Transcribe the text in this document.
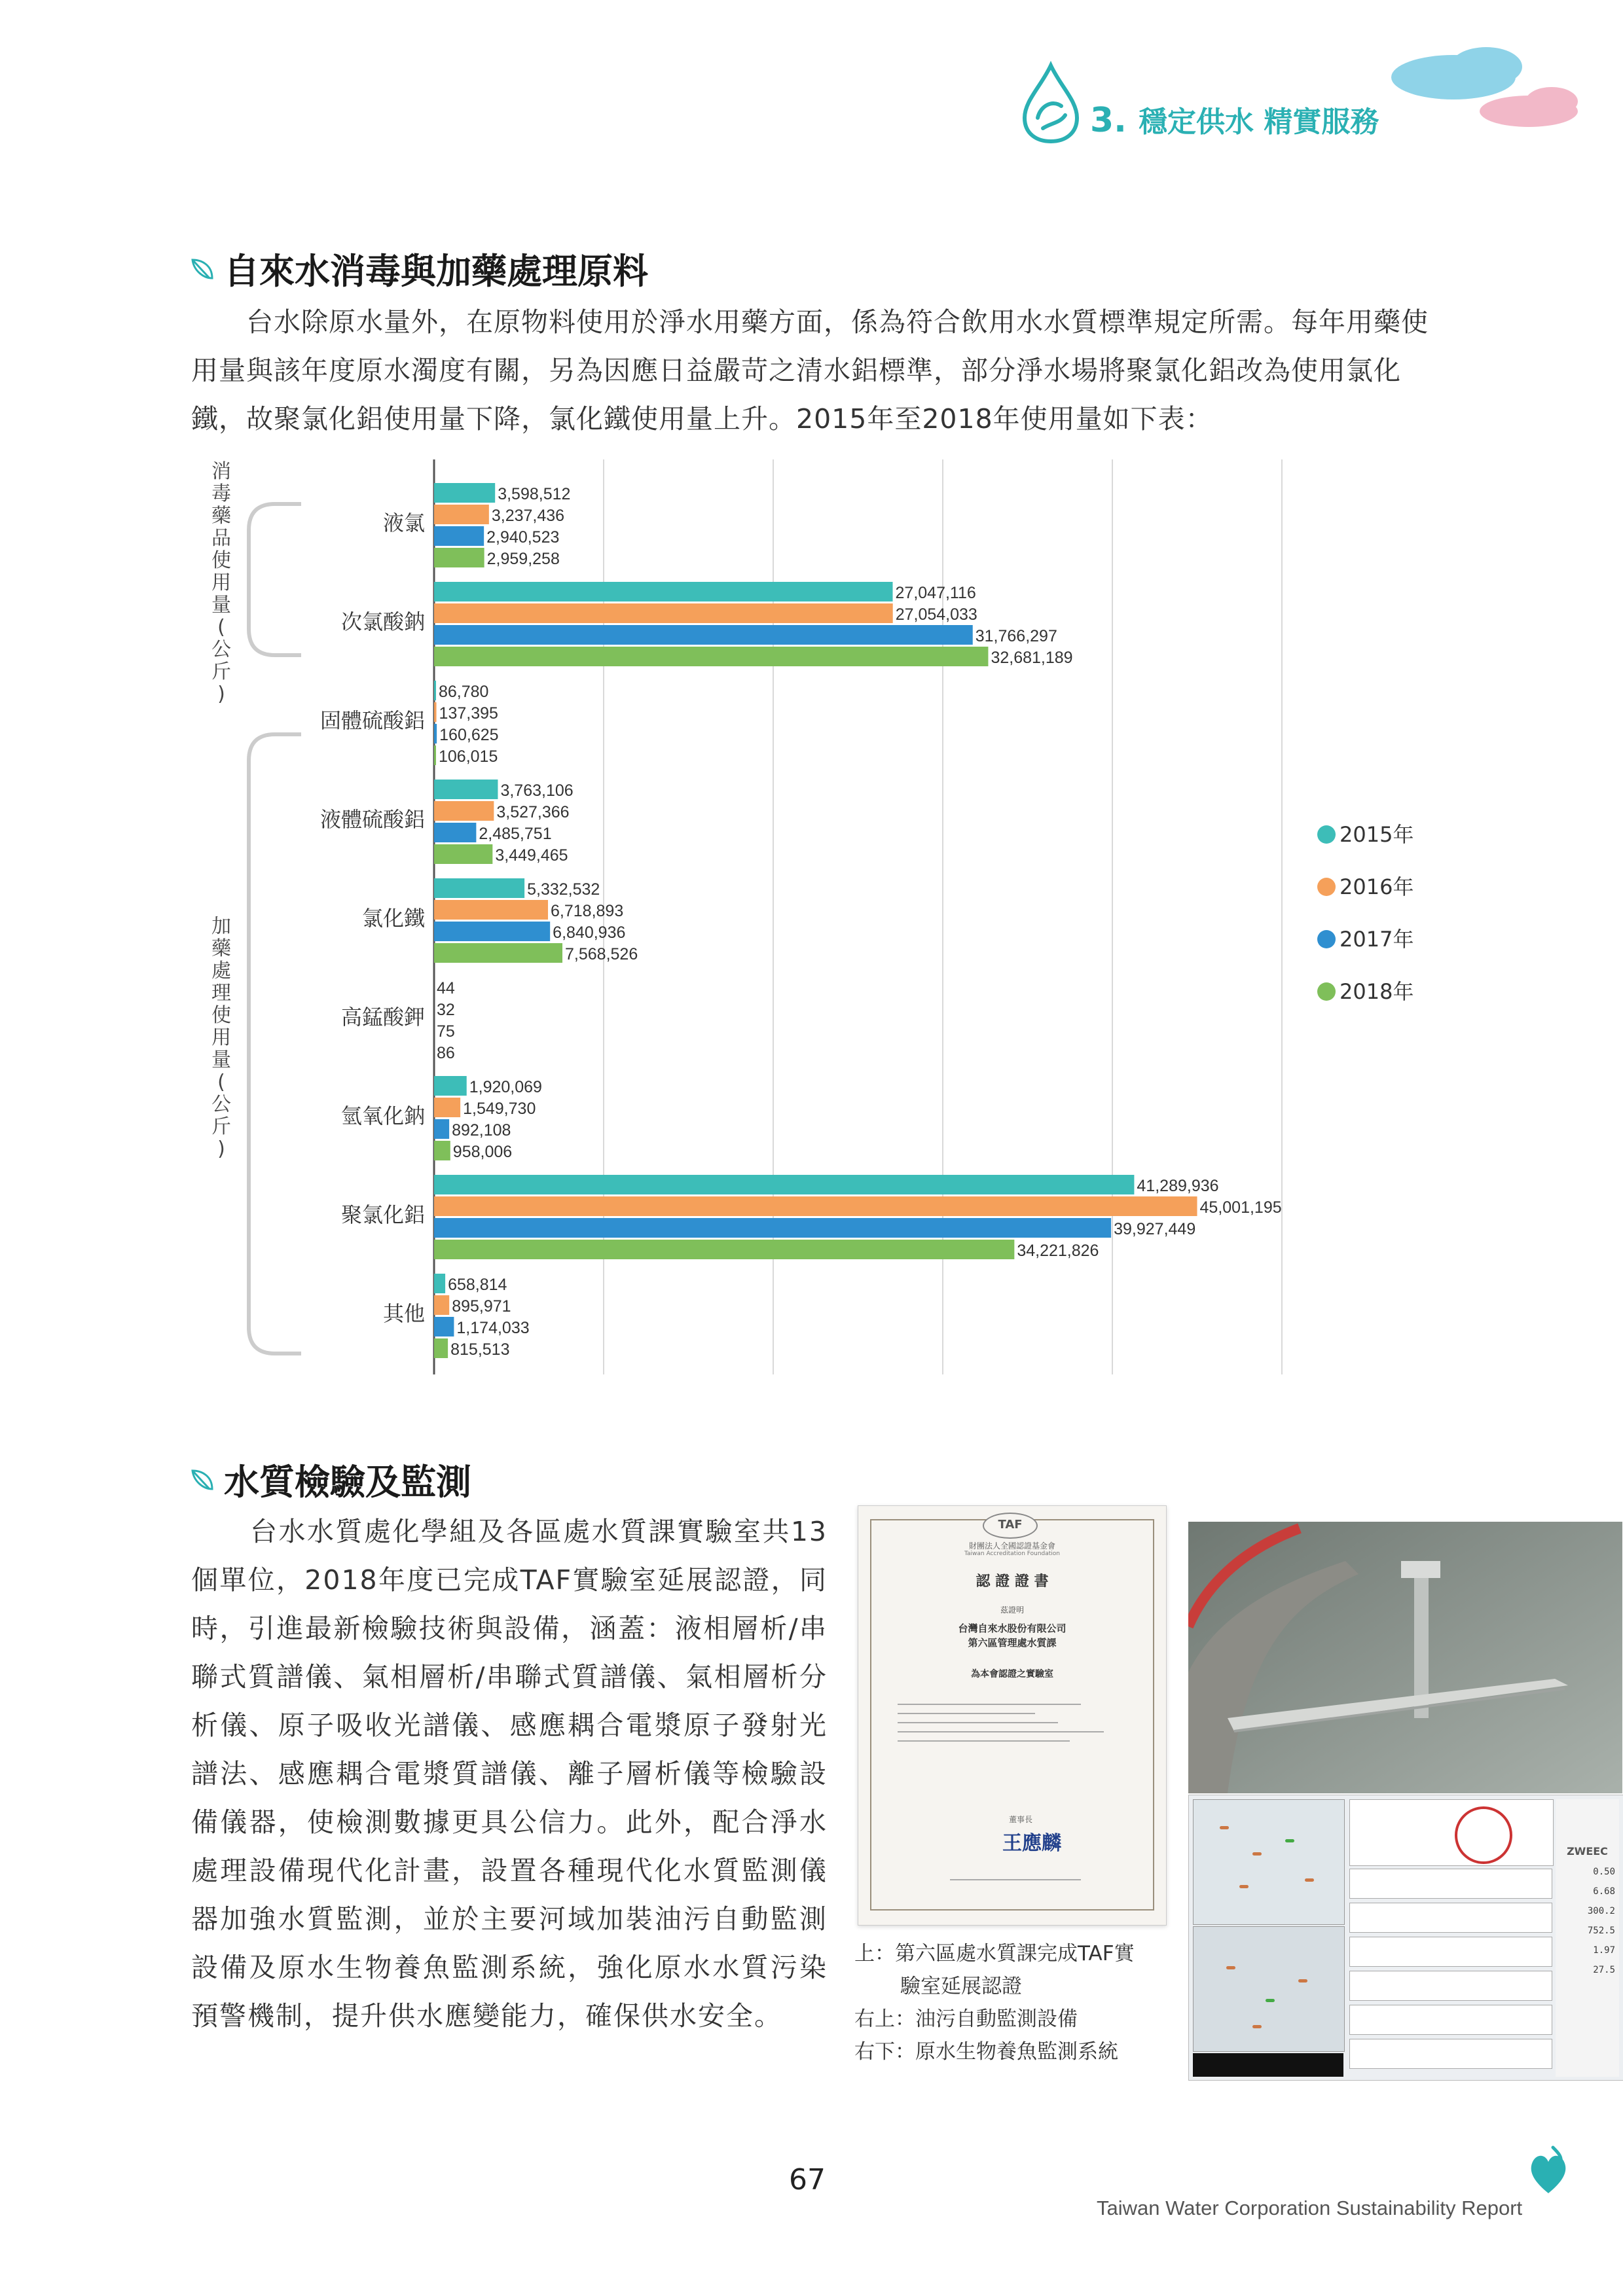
3. 穩定供水 精實服務
自來水消毒與加藥處理原料
台水除原水量外，在原物料使用於淨水用藥方面，係為符合飲用水水質標準規定所需。每年用藥使用量與該年度原水濁度有關，另為因應日益嚴苛之清水鋁標準，部分淨水場將聚氯化鋁改為使用氯化鐵，故聚氯化鋁使用量下降，氯化鐵使用量上升。2015年至2018年使用量如下表：
液氯
3,598,512
3,237,436
2,940,523
2,959,258
次氯酸鈉
27,047,116
27,054,033
31,766,297
32,681,189
固體硫酸鋁
86,780
137,395
160,625
106,015
液體硫酸鋁
3,763,106
3,527,366
2,485,751
3,449,465
氯化鐵
5,332,532
6,718,893
6,840,936
7,568,526
高錳酸鉀
44
32
75
86
氫氧化鈉
1,920,069
1,549,730
892,108
958,006
聚氯化鋁
41,289,936
45,001,195
39,927,449
34,221,826
其他
658,814
895,971
1,174,033
815,513
消
毒
藥
品
使
用
量
(
公
斤
)
加
藥
處
理
使
用
量
(
公
斤
)
2015年
2016年
2017年
2018年
水質檢驗及監測
台水水質處化學組及各區處水質課實驗室共13個單位，2018年度已完成TAF實驗室延展認證，同時，引進最新檢驗技術與設備，涵蓋：液相層析/串聯式質譜儀、氣相層析/串聯式質譜儀、氣相層析分析儀、原子吸收光譜儀、感應耦合電漿原子發射光譜法、感應耦合電漿質譜儀、離子層析儀等檢驗設備儀器，使檢測數據更具公信力。此外，配合淨水處理設備現代化計畫，設置各種現代化水質監測儀器加強水質監測，並於主要河域加裝油污自動監測設備及原水生物養魚監測系統，強化原水水質污染預警機制，提升供水應變能力，確保供水安全。
TAF
財團法人全國認證基金會
Taiwan Accreditation Foundation
認 證 證 書
茲證明
台灣自來水股份有限公司
第六區管理處水質課
為本會認證之實驗室
董事長
王應麟	ZWEEC
0.50
6.68
300.2
752.5
1.97
27.5
上：第六區處水質課完成TAF實
驗室延展認證
右上：油污自動監測設備
右下：原水生物養魚監測系統
67
Taiwan Water Corporation Sustainability Report
